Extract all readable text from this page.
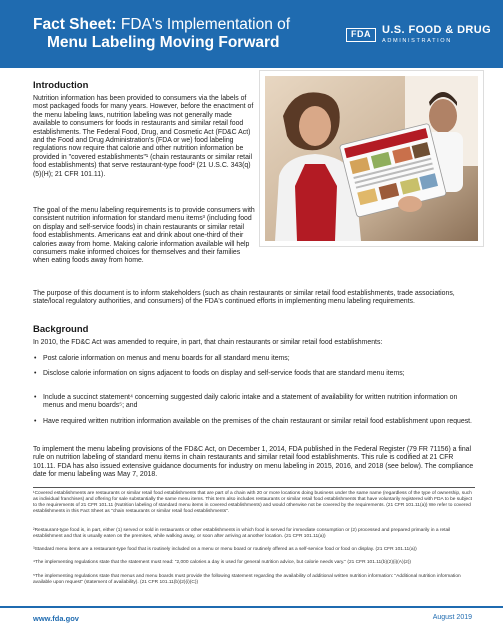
Fact Sheet: FDA's Implementation of
Menu Labeling Moving Forward	FDA	U.S. FOOD & DRUG
ADMINISTRATION
Introduction
Nutrition information has been provided to consumers via the labels of most packaged foods for many years. However, before the enactment of the menu labeling laws, nutrition labeling was not generally made available to consumers for foods in restaurants and similar retail food establishments. The Federal Food, Drug, and Cosmetic Act (FD&C Act) and the Food and Drug Administration's (FDA or we) food labeling regulations now require that calorie and other nutrition information be provided in "covered establishments"¹ (chain restaurants or similar retail food establishments) that serve restaurant-type food² (21 U.S.C. 343(q)(5)(H); 21 CFR 101.11).
The goal of the menu labeling requirements is to provide consumers with consistent nutrition information for standard menu items³ (including food on display and self-service foods) in chain restaurants or similar retail food establishments. Americans eat and drink about one-third of their calories away from home. Making calorie information available will help consumers make informed choices for themselves and their families when eating foods away from home.
The purpose of this document is to inform stakeholders (such as chain restaurants or similar retail food establishments, trade associations, state/local regulatory authorities, and consumers) of the FDA's continued efforts in implementing menu labeling requirements.
Background
In 2010, the FD&C Act was amended to require, in part, that chain restaurants or similar retail food establishments:
• Post calorie information on menus and menu boards for all standard menu items;
• Disclose calorie information on signs adjacent to foods on display and self-service foods that are standard menu items;
• Include a succinct statement⁴ concerning suggested daily caloric intake and a statement of availability for written nutrition information on menus and menu boards⁵; and
• Have required written nutrition information available on the premises of the chain restaurant or similar retail food establishment upon request.
To implement the menu labeling provisions of the FD&C Act, on December 1, 2014, FDA published in the Federal Register (79 FR 71156) a final rule on nutrition labeling of standard menu items in chain restaurants and similar retail food establishments. This rule is codified at 21 CFR 101.11. FDA has also issued extensive guidance documents for industry on menu labeling in 2015, 2016, and 2018 (see below). The compliance date for menu labeling was May 7, 2018.
¹Covered establishments are restaurants or similar retail food establishments that are part of a chain with 20 or more locations doing business under the same name (regardless of the type of ownership, such as individual franchises) and offering for sale substantially the same menu items. This term also includes restaurants or similar retail food establishments that have voluntarily registered with FDA to be subject to the requirements of 21 CFR 101.11 (Nutrition labeling of standard menu items in covered establishments) and would otherwise not be covered by the requirements. (21 CFR 101.11(a)) We refer to covered establishments in this Fact Sheet as "chain restaurants or similar retail food establishments".
²Restaurant-type food is, in part, either (1) served or sold in restaurants or other establishments in which food is served for immediate consumption or (2) processed and prepared primarily in a retail establishment and that is usually eaten on the premises, while walking away, or soon after arriving at another location. (21 CFR 101.11(a))
³Standard menu items are a restaurant-type food that is routinely included on a menu or menu board or routinely offered as a self-service food or food on display. (21 CFR 101.11(a))
⁴The implementing regulations state that the statement must read: "2,000 calories a day is used for general nutrition advice, but calorie needs vary." (21 CFR 101.11(b)(2)(i)(A)(2))
⁵The implementing regulations state that menus and menu boards must provide the following statement regarding the availability of additional written nutrition information: "Additional nutrition information available upon request" (statement of availability). (21 CFR 101.11(b)(2)(i)(C))
www.fda.gov	August 2019
